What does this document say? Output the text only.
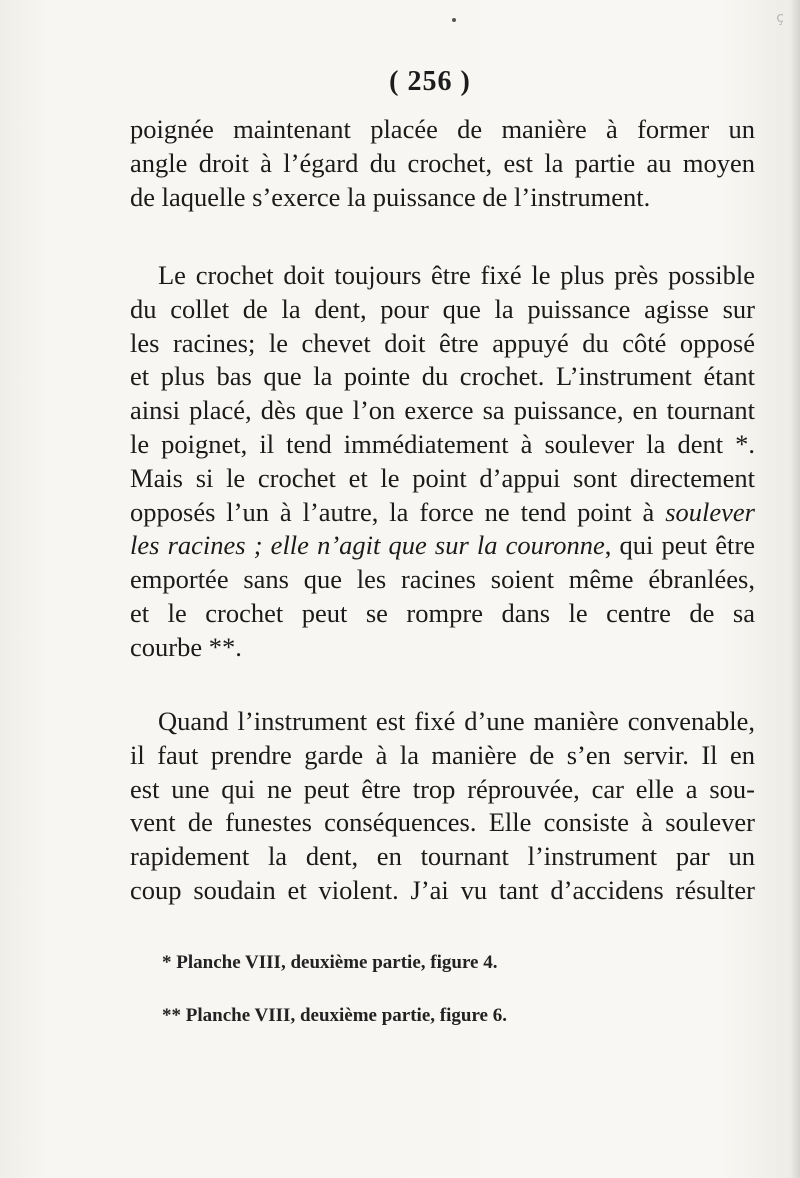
ç
( 256 )
poignée maintenant placée de manière à former un
angle droit à l’égard du crochet, est la partie au moyen
de laquelle s’exerce la puissance de l’instrument.
Le crochet doit toujours être fixé le plus près possible
du collet de la dent, pour que la puissance agisse sur
les racines; le chevet doit être appuyé du côté opposé
et plus bas que la pointe du crochet. L’instrument étant
ainsi placé, dès que l’on exerce sa puissance, en tournant
le poignet, il tend immédiatement à soulever la dent *.
Mais si le crochet et le point d’appui sont directement
opposés l’un à l’autre, la force ne tend point à soulever
les racines ; elle n’agit que sur la couronne, qui peut être
emportée sans que les racines soient même ébranlées,
et le crochet peut se rompre dans le centre de sa
courbe **.
Quand l’instrument est fixé d’une manière convenable,
il faut prendre garde à la manière de s’en servir. Il en
est une qui ne peut être trop réprouvée, car elle a sou-
vent de funestes conséquences. Elle consiste à soulever
rapidement la dent, en tournant l’instrument par un
coup soudain et violent. J’ai vu tant d’accidens résulter
* Planche VIII, deuxième partie, figure 4.
** Planche VIII, deuxième partie, figure 6.
